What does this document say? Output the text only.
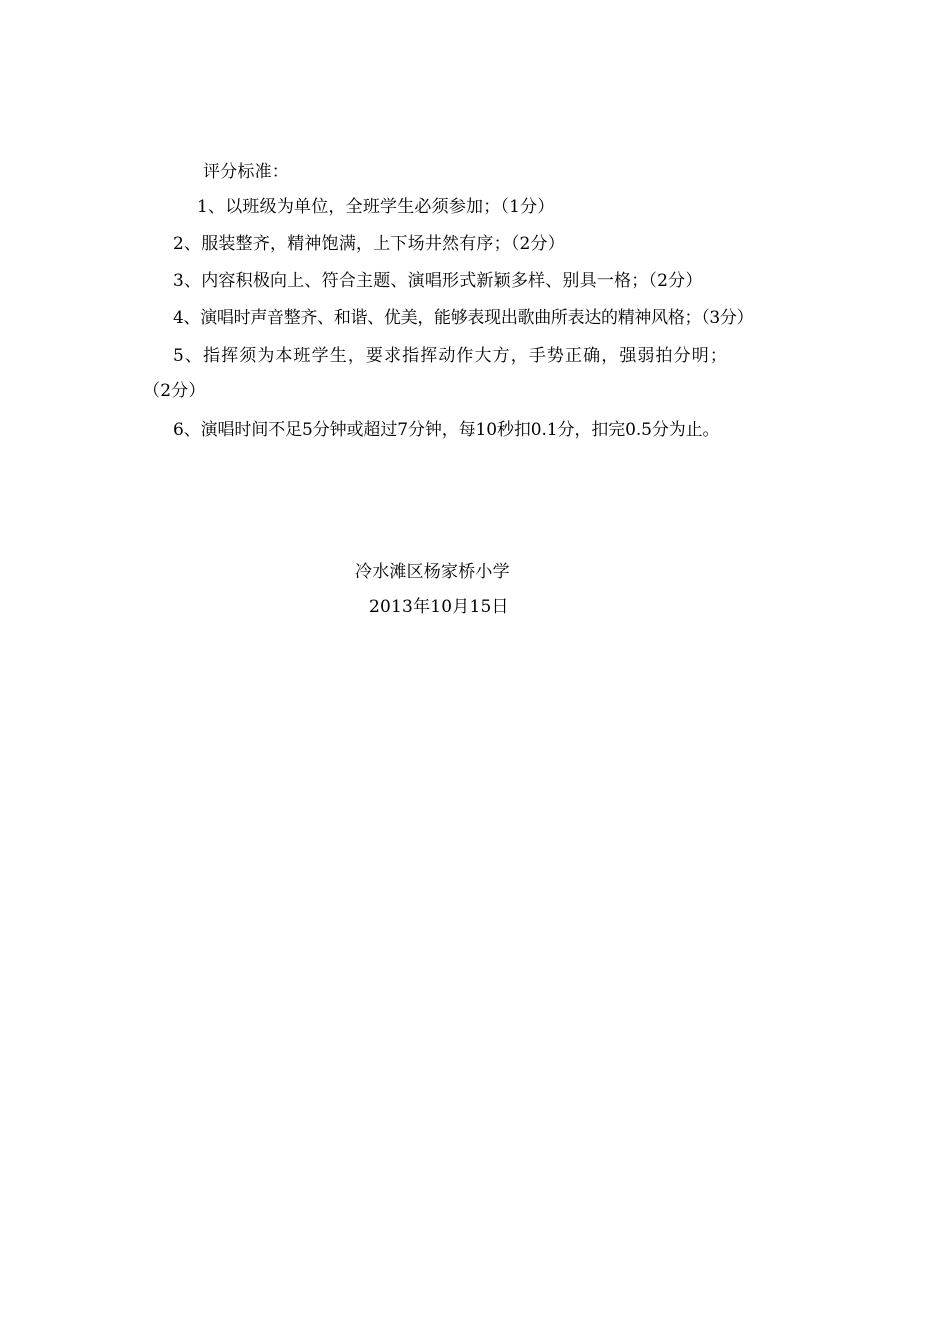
评分标准：
1、以班级为单位，全班学生必须参加；（1分）
2、服装整齐，精神饱满，上下场井然有序；（2分）
3、内容积极向上、符合主题、演唱形式新颖多样、别具一格；（2分）
4、演唱时声音整齐、和谐、优美，能够表现出歌曲所表达的精神风格；（3分）
5、指挥须为本班学生，要求指挥动作大方，手势正确，强弱拍分明；
（2分）
6、演唱时间不足5分钟或超过7分钟，每10秒扣0.1分，扣完0.5分为止。
冷水滩区杨家桥小学
2013年10月15日
